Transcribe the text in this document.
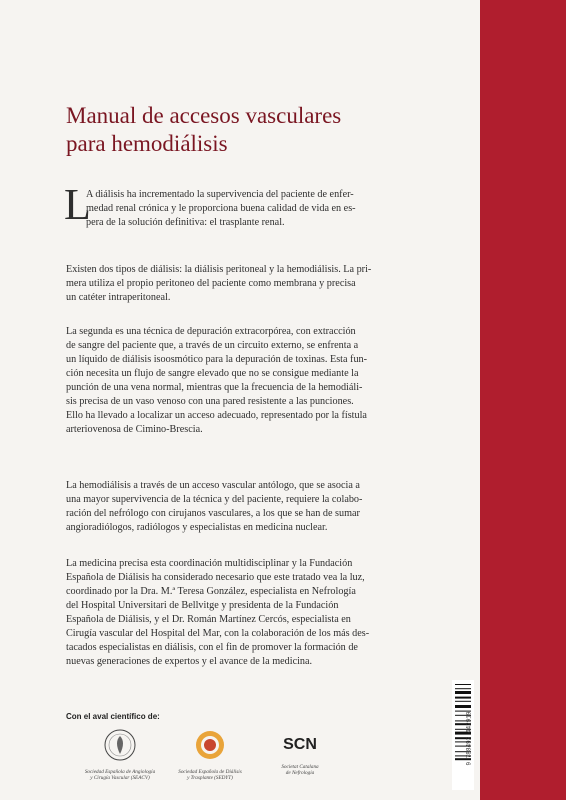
Manual de accesos vasculares
para hemodiálisis
L
A diálisis ha incrementado la supervivencia del paciente de enfer-
medad renal crónica y le proporciona buena calidad de vida en es-
pera de la solución definitiva: el trasplante renal.
Existen dos tipos de diálisis: la diálisis peritoneal y la hemodiálisis. La pri-
mera utiliza el propio peritoneo del paciente como membrana y precisa
un catéter intraperitoneal.
La segunda es una técnica de depuración extracorpórea, con extracción
de sangre del paciente que, a través de un circuito externo, se enfrenta a
un líquido de diálisis isoosmótico para la depuración de toxinas. Esta fun-
ción necesita un flujo de sangre elevado que no se consigue mediante la
punción de una vena normal, mientras que la frecuencia de la hemodiáli-
sis precisa de un vaso venoso con una pared resistente a las punciones.
Ello ha llevado a localizar un acceso adecuado, representado por la fístula
arteriovenosa de Cimino-Brescia.
La hemodiálisis a través de un acceso vascular antólogo, que se asocia a
una mayor supervivencia de la técnica y del paciente, requiere la colabo-
ración del nefrólogo con cirujanos vasculares, a los que se han de sumar
angioradiólogos, radiólogos y especialistas en medicina nuclear.
La medicina precisa esta coordinación multidisciplinar y la Fundación
Española de Diálisis ha considerado necesario que este tratado vea la luz,
coordinado por la Dra. M.ª Teresa González, especialista en Nefrología
del Hospital Universitari de Bellvitge y presidenta de la Fundación
Española de Diálisis, y el Dr. Román Martínez Cercós, especialista en
Cirugía vascular del Hospital del Mar, con la colaboración de los más des-
tacados especialistas en diálisis, con el fin de promover la formación de
nuevas generaciones de expertos y el avance de la medicina.
Con el aval científico de:
Sociedad Española de Angiología
y Cirugía Vascular (SEACV)
Sociedad Española de Diálisis
y Trasplante (SEDYT)
SCN
Societat Catalana
de Nefrologia
9 788492 442919
